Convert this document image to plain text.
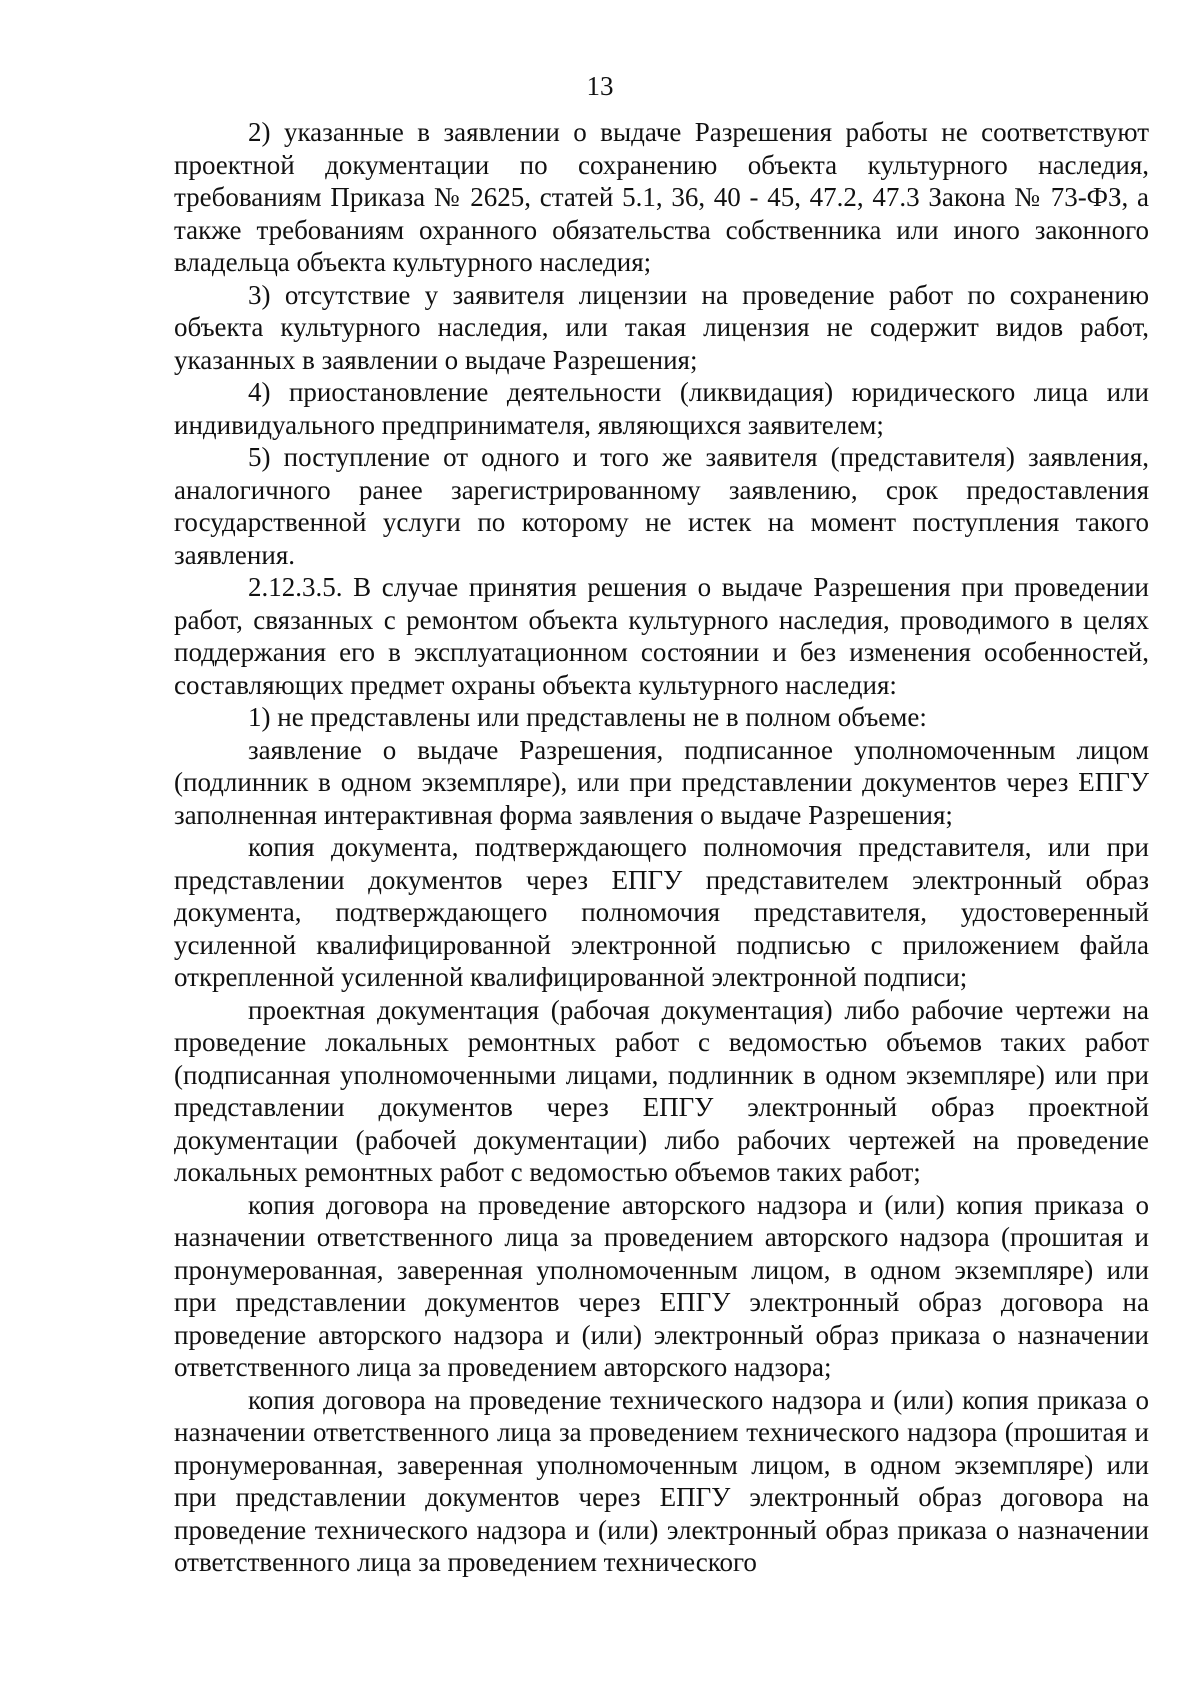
13

2) указанные в заявлении о выдаче Разрешения работы не соответствуют проектной документации по сохранению объекта культурного наследия, требованиям Приказа № 2625, статей 5.1, 36, 40 - 45, 47.2, 47.3 Закона № 73-ФЗ, а также требованиям охранного обязательства собственника или иного законного владельца объекта культурного наследия;

3) отсутствие у заявителя лицензии на проведение работ по сохранению объекта культурного наследия, или такая лицензия не содержит видов работ, указанных в заявлении о выдаче Разрешения;

4) приостановление деятельности (ликвидация) юридического лица или индивидуального предпринимателя, являющихся заявителем;

5) поступление от одного и того же заявителя (представителя) заявления, аналогичного ранее зарегистрированному заявлению, срок предоставления государственной услуги по которому не истек на момент поступления такого заявления.

2.12.3.5. В случае принятия решения о выдаче Разрешения при проведении работ, связанных с ремонтом объекта культурного наследия, проводимого в целях поддержания его в эксплуатационном состоянии и без изменения особенностей, составляющих предмет охраны объекта культурного наследия:

1) не представлены или представлены не в полном объеме:

заявление о выдаче Разрешения, подписанное уполномоченным лицом (подлинник в одном экземпляре), или при представлении документов через ЕПГУ заполненная интерактивная форма заявления о выдаче Разрешения;

копия документа, подтверждающего полномочия представителя, или при представлении документов через ЕПГУ представителем электронный образ документа, подтверждающего полномочия представителя, удостоверенный усиленной квалифицированной электронной подписью с приложением файла открепленной усиленной квалифицированной электронной подписи;

проектная документация (рабочая документация) либо рабочие чертежи на проведение локальных ремонтных работ с ведомостью объемов таких работ (подписанная уполномоченными лицами, подлинник в одном экземпляре) или при представлении документов через ЕПГУ электронный образ проектной документации (рабочей документации) либо рабочих чертежей на проведение локальных ремонтных работ с ведомостью объемов таких работ;

копия договора на проведение авторского надзора и (или) копия приказа о назначении ответственного лица за проведением авторского надзора (прошитая и пронумерованная, заверенная уполномоченным лицом, в одном экземпляре) или при представлении документов через ЕПГУ электронный образ договора на проведение авторского надзора и (или) электронный образ приказа о назначении ответственного лица за проведением авторского надзора;

копия договора на проведение технического надзора и (или) копия приказа о назначении ответственного лица за проведением технического надзора (прошитая и пронумерованная, заверенная уполномоченным лицом, в одном экземпляре) или при представлении документов через ЕПГУ электронный образ договора на проведение технического надзора и (или) электронный образ приказа о назначении ответственного лица за проведением технического
